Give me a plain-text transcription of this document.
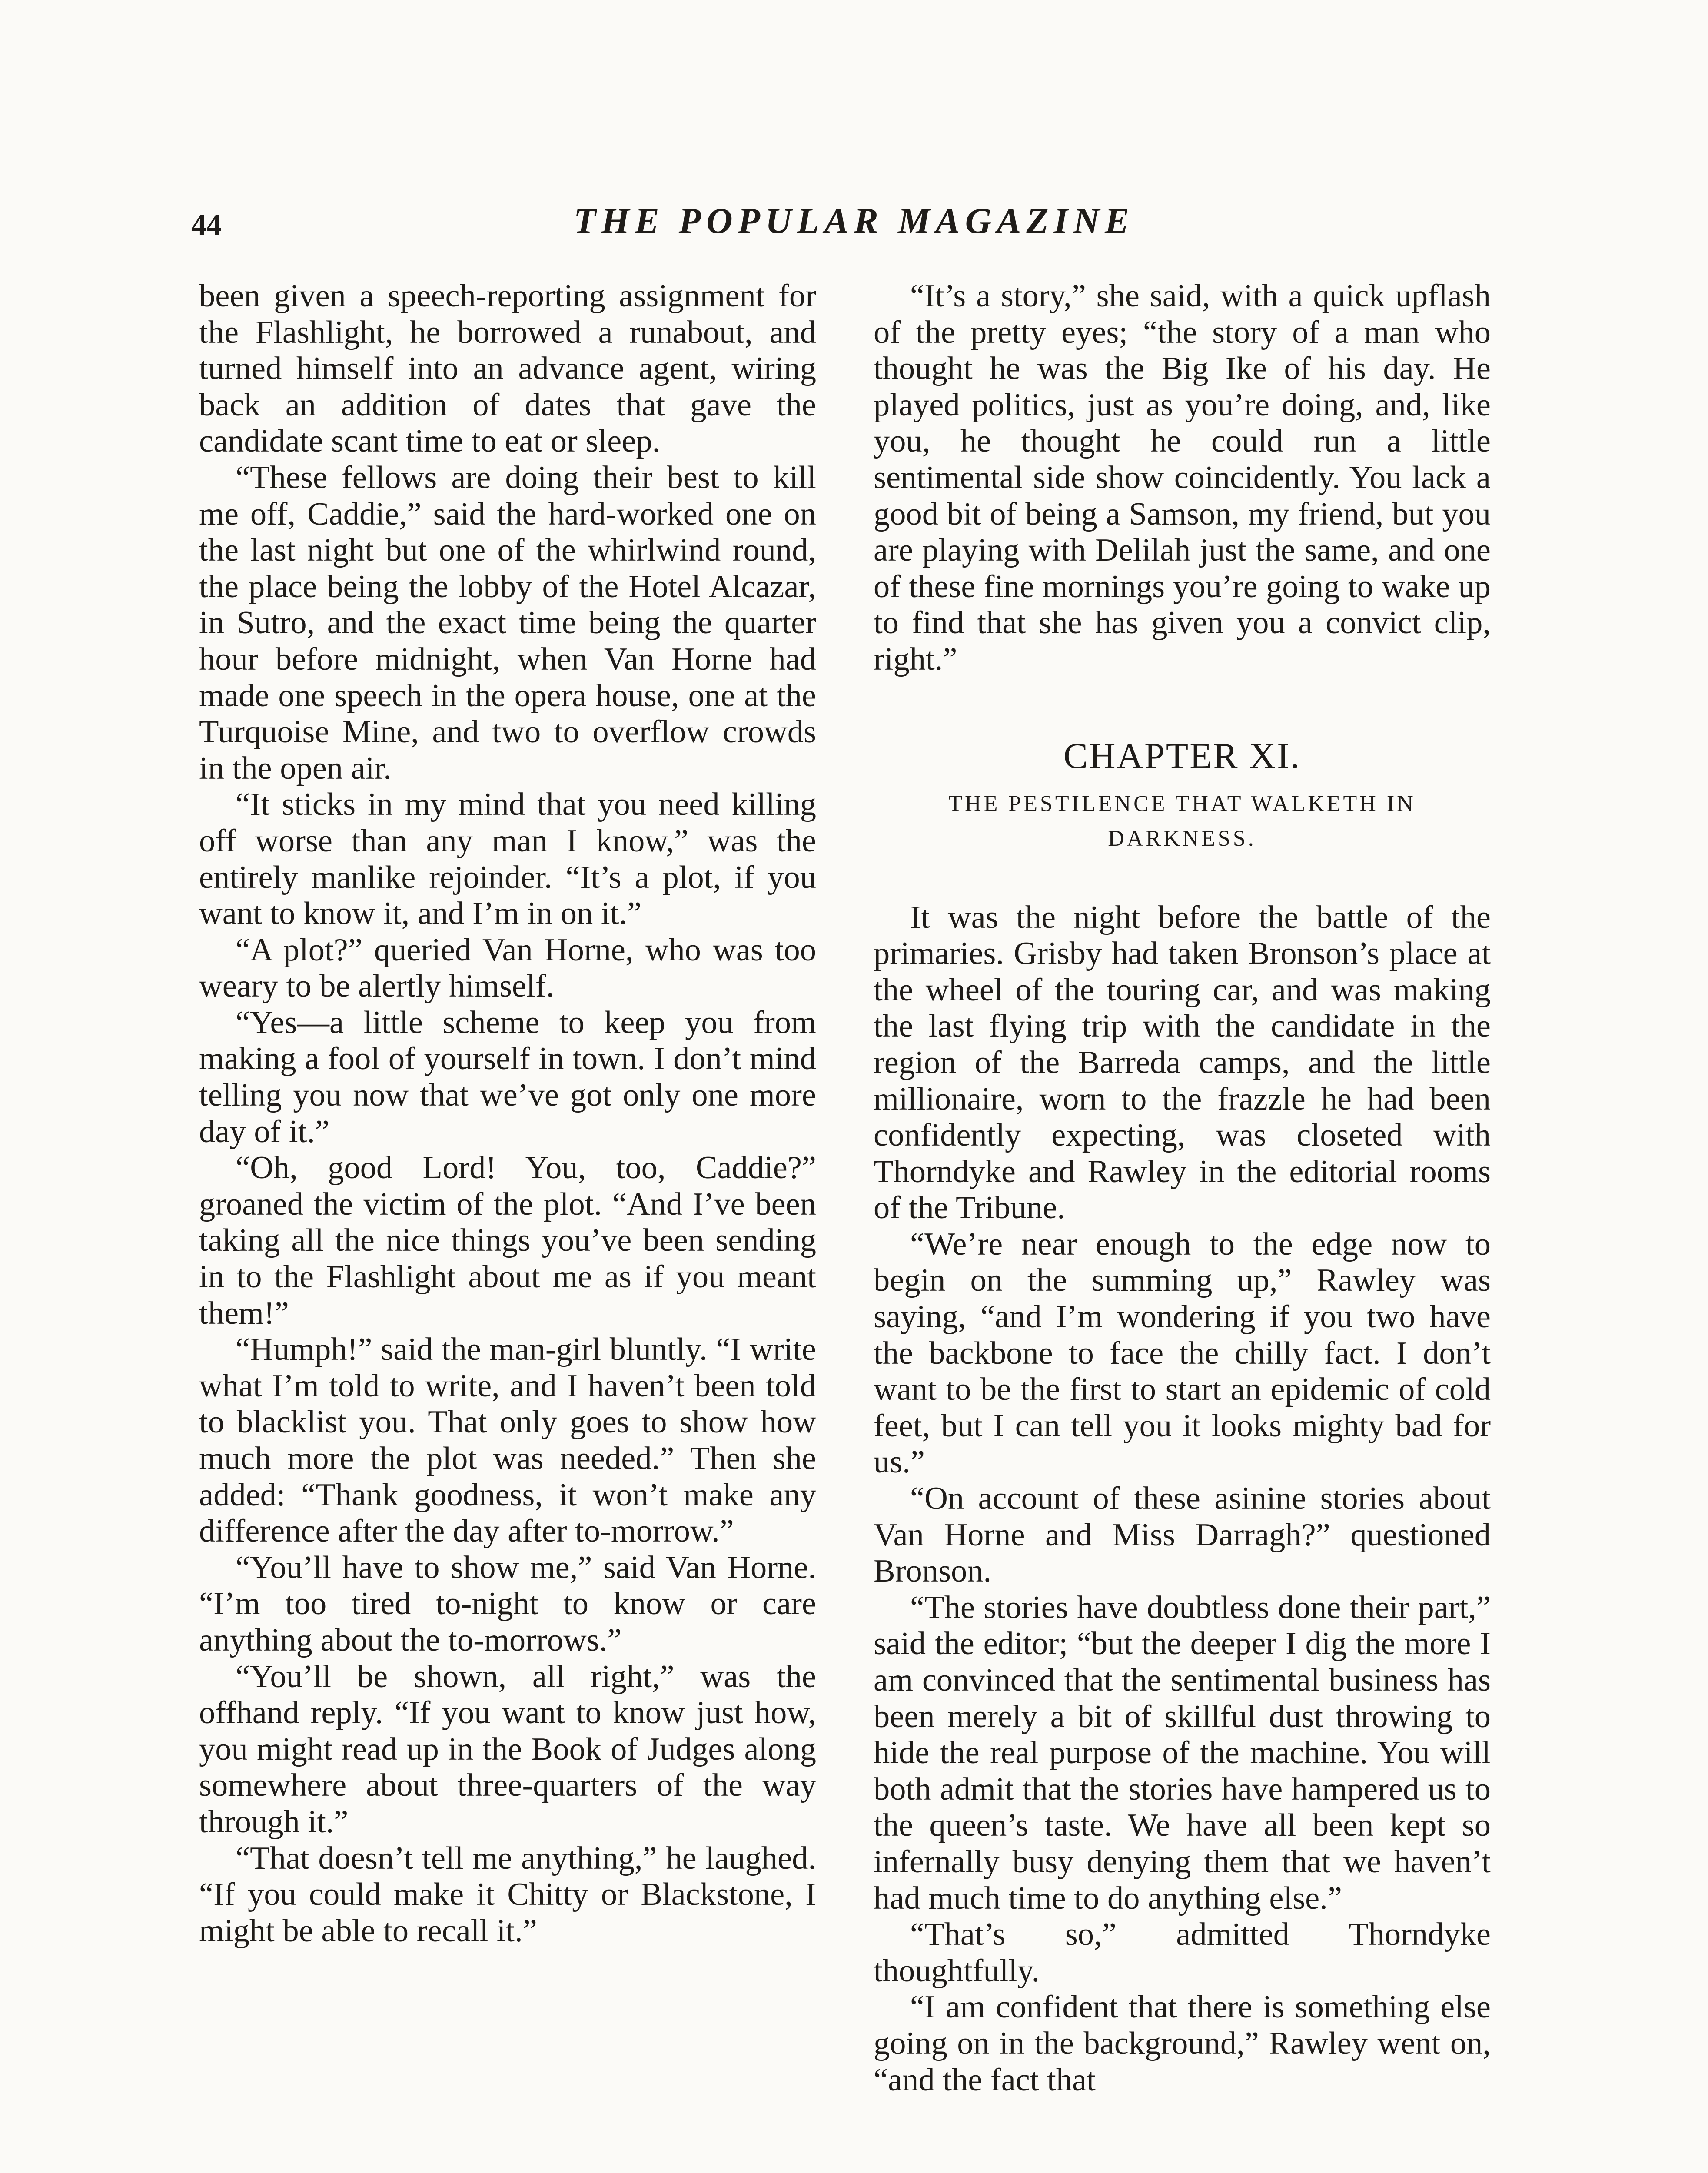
44	THE POPULAR MAGAZINE

been given a speech-reporting assignment for the Flashlight, he borrowed a runabout, and turned himself into an advance agent, wiring back an addition of dates that gave the candidate scant time to eat or sleep.

“These fellows are doing their best to kill me off, Caddie,” said the hard-worked one on the last night but one of the whirlwind round, the place being the lobby of the Hotel Alcazar, in Sutro, and the exact time being the quarter hour before midnight, when Van Horne had made one speech in the opera house, one at the Turquoise Mine, and two to overflow crowds in the open air.

“It sticks in my mind that you need killing off worse than any man I know,” was the entirely manlike rejoinder. “It’s a plot, if you want to know it, and I’m in on it.”

“A plot?” queried Van Horne, who was too weary to be alertly himself.

“Yes—a little scheme to keep you from making a fool of yourself in town. I don’t mind telling you now that we’ve got only one more day of it.”

“Oh, good Lord! You, too, Caddie?” groaned the victim of the plot. “And I’ve been taking all the nice things you’ve been sending in to the Flashlight about me as if you meant them!”

“Humph!” said the man-girl bluntly. “I write what I’m told to write, and I haven’t been told to blacklist you. That only goes to show how much more the plot was needed.” Then she added: “Thank goodness, it won’t make any difference after the day after to-morrow.”

“You’ll have to show me,” said Van Horne. “I’m too tired to-night to know or care anything about the to-morrows.”

“You’ll be shown, all right,” was the offhand reply. “If you want to know just how, you might read up in the Book of Judges along somewhere about three-quarters of the way through it.”

“That doesn’t tell me anything,” he laughed. “If you could make it Chitty or Blackstone, I might be able to recall it.”

“It’s a story,” she said, with a quick upflash of the pretty eyes; “the story of a man who thought he was the Big Ike of his day. He played politics, just as you’re doing, and, like you, he thought he could run a little sentimental side show coincidently. You lack a good bit of being a Samson, my friend, but you are playing with Delilah just the same, and one of these fine mornings you’re going to wake up to find that she has given you a convict clip, right.”

CHAPTER XI.
THE PESTILENCE THAT WALKETH IN DARKNESS.

It was the night before the battle of the primaries. Grisby had taken Bronson’s place at the wheel of the touring car, and was making the last flying trip with the candidate in the region of the Barreda camps, and the little millionaire, worn to the frazzle he had been confidently expecting, was closeted with Thorndyke and Rawley in the editorial rooms of the Tribune.

“We’re near enough to the edge now to begin on the summing up,” Rawley was saying, “and I’m wondering if you two have the backbone to face the chilly fact. I don’t want to be the first to start an epidemic of cold feet, but I can tell you it looks mighty bad for us.”

“On account of these asinine stories about Van Horne and Miss Darragh?” questioned Bronson.

“The stories have doubtless done their part,” said the editor; “but the deeper I dig the more I am convinced that the sentimental business has been merely a bit of skillful dust throwing to hide the real purpose of the machine. You will both admit that the stories have hampered us to the queen’s taste. We have all been kept so infernally busy denying them that we haven’t had much time to do anything else.”

“That’s so,” admitted Thorndyke thoughtfully.

“I am confident that there is something else going on in the background,” Rawley went on, “and the fact that
